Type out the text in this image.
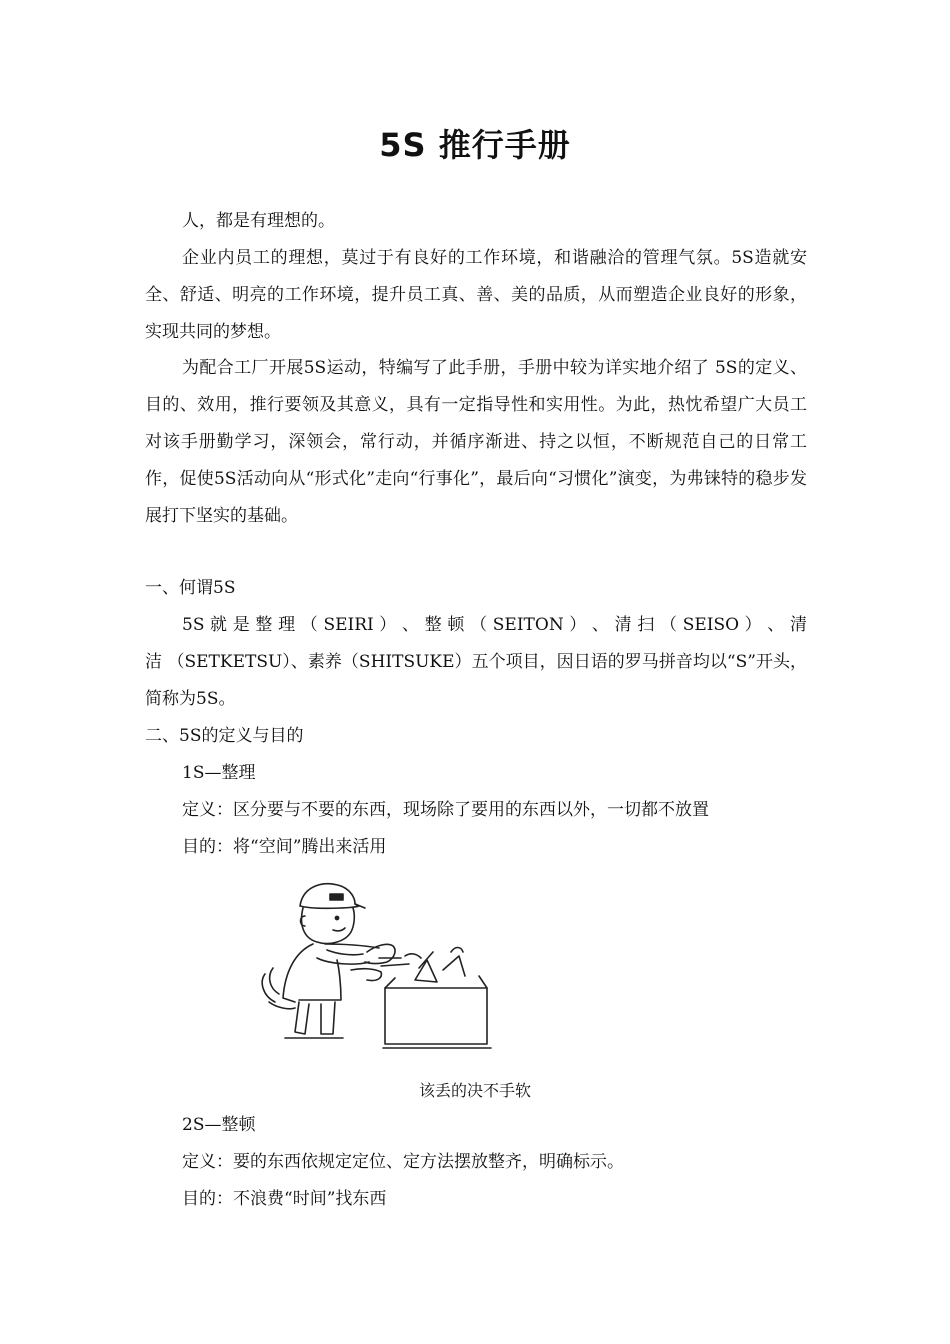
5S 推行手册

人，都是有理想的。

企业内员工的理想，莫过于有良好的工作环境，和谐融洽的管理气氛。5S造就安全、舒适、明亮的工作环境，提升员工真、善、美的品质，从而塑造企业良好的形象，实现共同的梦想。

为配合工厂开展5S运动，特编写了此手册，手册中较为详实地介绍了 5S的定义、目的、效用，推行要领及其意义，具有一定指导性和实用性。为此，热忱希望广大员工对该手册勤学习，深领会，常行动，并循序渐进、持之以恒，不断规范自己的日常工作，促使5S活动向从“形式化”走向“行事化”，最后向“习惯化”演变，为弗铼特的稳步发展打下坚实的基础。

一、何谓5S

5S 就 是 整 理 （ SEIRI ） 、 整 顿 （ SEITON ） 、 清 扫 （ SEISO ） 、 清 洁 （SETKETSU）、素养（SHITSUKE）五个项目，因日语的罗马拼音均以“S”开头，简称为5S。

二、5S的定义与目的

1S—整理

定义：区分要与不要的东西，现场除了要用的东西以外，一切都不放置

目的：将“空间”腾出来活用

该丢的决不手软

2S—整顿

定义：要的东西依规定定位、定方法摆放整齐，明确标示。

目的：不浪费“时间”找东西
